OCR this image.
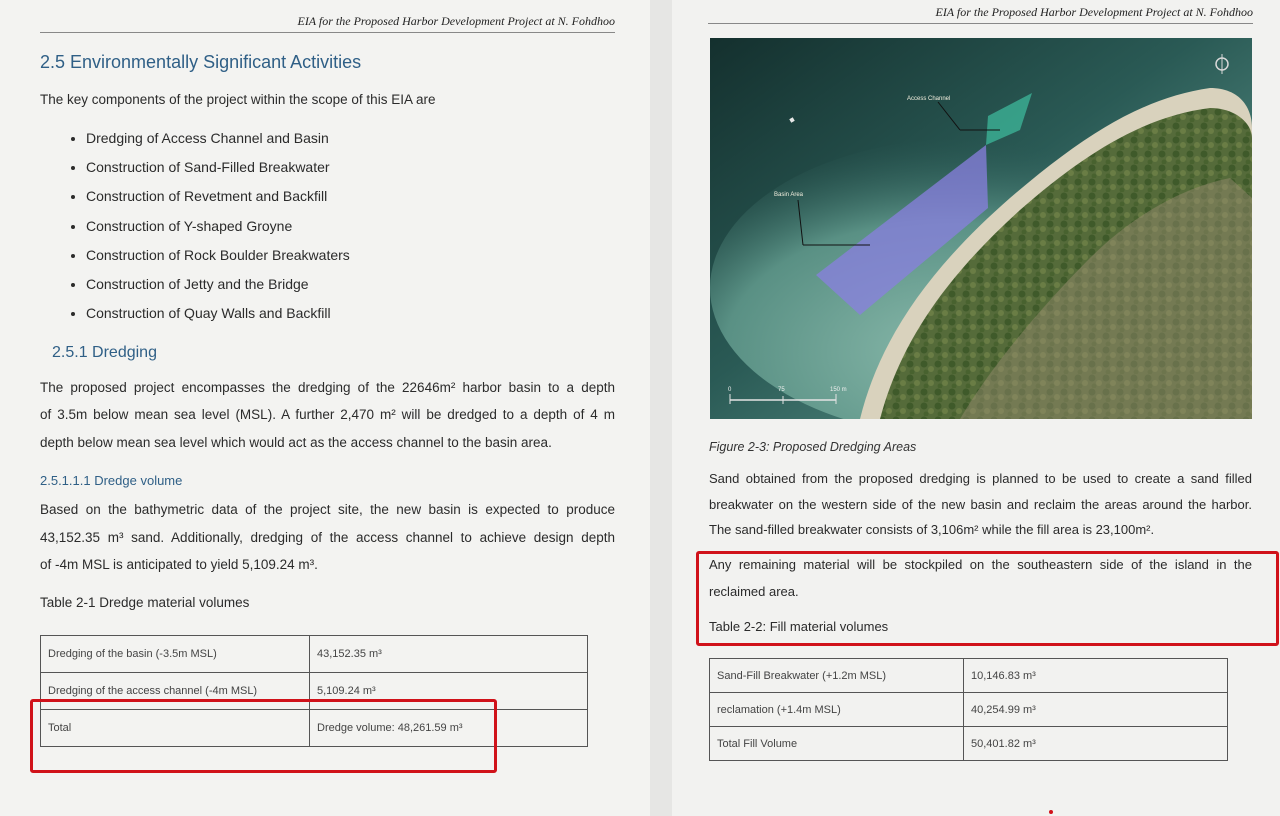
EIA for the Proposed Harbor Development Project at N. Fohdhoo
2.5 Environmentally Significant Activities
The key components of the project within the scope of this EIA are
• Dredging of Access Channel and Basin
• Construction of Sand-Filled Breakwater
• Construction of Revetment and Backfill
• Construction of Y-shaped Groyne
• Construction of Rock Boulder Breakwaters
• Construction of Jetty and the Bridge
• Construction of Quay Walls and Backfill
2.5.1 Dredging
The proposed project encompasses the dredging of the 22646m² harbor basin to a depth
of 3.5m below mean sea level (MSL). A further 2,470 m² will be dredged to a depth of 4 m
depth below mean sea level which would act as the access channel to the basin area.
2.5.1.1.1 Dredge volume
Based on the bathymetric data of the project site, the new basin is expected to produce
43,152.35 m³ sand. Additionally, dredging of the access channel to achieve design depth
of -4m MSL is anticipated to yield 5,109.24 m³.
Table 2-1 Dredge material volumes
Dredging of the basin (-3.5m MSL)	43,152.35 m³
Dredging of the access channel (-4m MSL)	5,109.24 m³
Total	Dredge volume: 48,261.59 m³
EIA for the Proposed Harbor Development Project at N. Fohdhoo
Access Channel
Basin Area
0	75	150 m
Figure 2-3: Proposed Dredging Areas
Sand obtained from the proposed dredging is planned to be used to create a sand filled
breakwater on the western side of the new basin and reclaim the areas around the harbor.
The sand-filled breakwater consists of 3,106m² while the fill area is 23,100m².
Any remaining material will be stockpiled on the southeastern side of the island in the
reclaimed area.
Table 2-2: Fill material volumes
Sand-Fill Breakwater (+1.2m MSL)	10,146.83 m³
reclamation (+1.4m MSL)	40,254.99 m³
Total Fill Volume	50,401.82 m³
